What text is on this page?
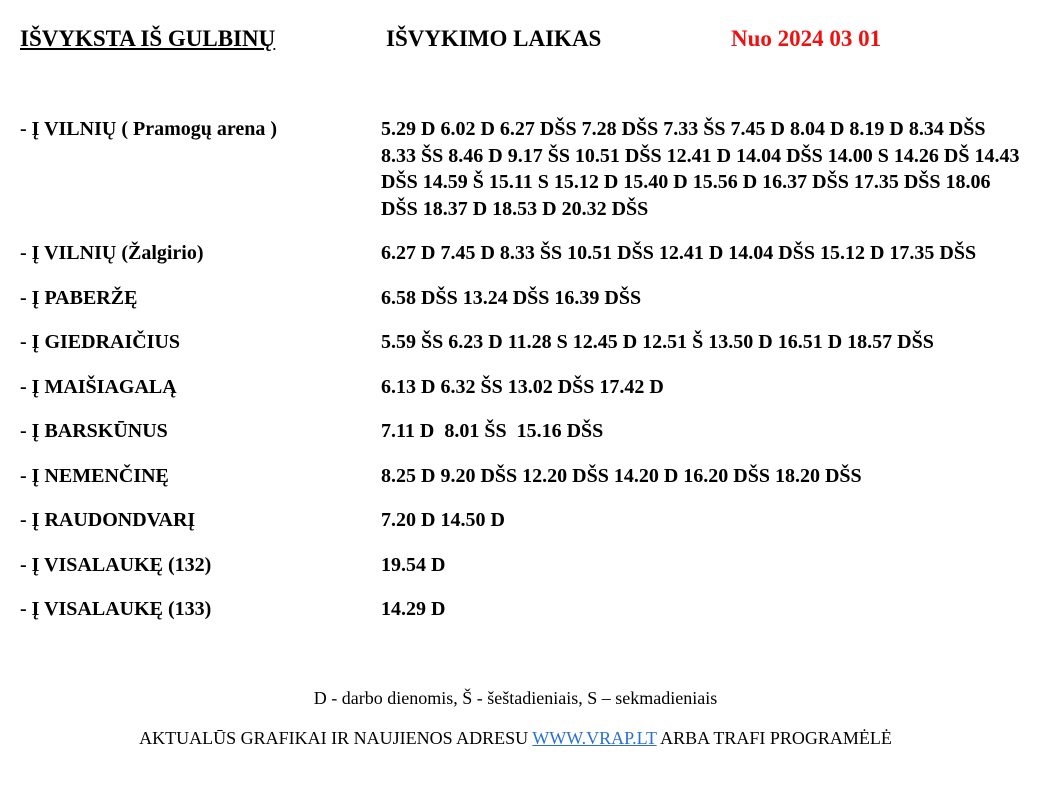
IŠVYKSTA IŠ GULBINŲ	IŠVYKIMO LAIKAS	Nuo 2024 03 01
- Į VILNIŲ ( Pramogų arena )	5.29 D 6.02 D 6.27 DŠS 7.28 DŠS 7.33 ŠS 7.45 D 8.04 D 8.19 D 8.34 DŠS 8.33 ŠS 8.46 D 9.17 ŠS 10.51 DŠS 12.41 D 14.04 DŠS 14.00 S 14.26 DŠ 14.43 DŠS 14.59 Š 15.11 S 15.12 D 15.40 D 15.56 D 16.37 DŠS 17.35 DŠS 18.06 DŠS 18.37 D 18.53 D 20.32 DŠS
- Į VILNIŲ (Žalgirio)	6.27 D 7.45 D 8.33 ŠS 10.51 DŠS 12.41 D 14.04 DŠS 15.12 D 17.35 DŠS
- Į PABERŽĘ	6.58 DŠS 13.24 DŠS 16.39 DŠS
- Į GIEDRAIČIUS	5.59 ŠS 6.23 D 11.28 S 12.45 D 12.51 Š 13.50 D 16.51 D 18.57 DŠS
- Į MAIŠIAGALĄ	6.13 D 6.32 ŠS 13.02 DŠS 17.42 D
- Į BARSKŪNUS	7.11 D  8.01 ŠS  15.16 DŠS
- Į NEMENČINĘ	8.25 D 9.20 DŠS 12.20 DŠS 14.20 D 16.20 DŠS 18.20 DŠS
- Į RAUDONDVARĮ	7.20 D 14.50 D
- Į VISALAUKĘ (132)	19.54 D
- Į VISALAUKĘ (133)	14.29 D
D - darbo dienomis, Š - šeštadieniais, S – sekmadieniais
AKTUALŪS GRAFIKAI IR NAUJIENOS ADRESU WWW.VRAP.LT ARBA TRAFI PROGRAMĖLĖ
